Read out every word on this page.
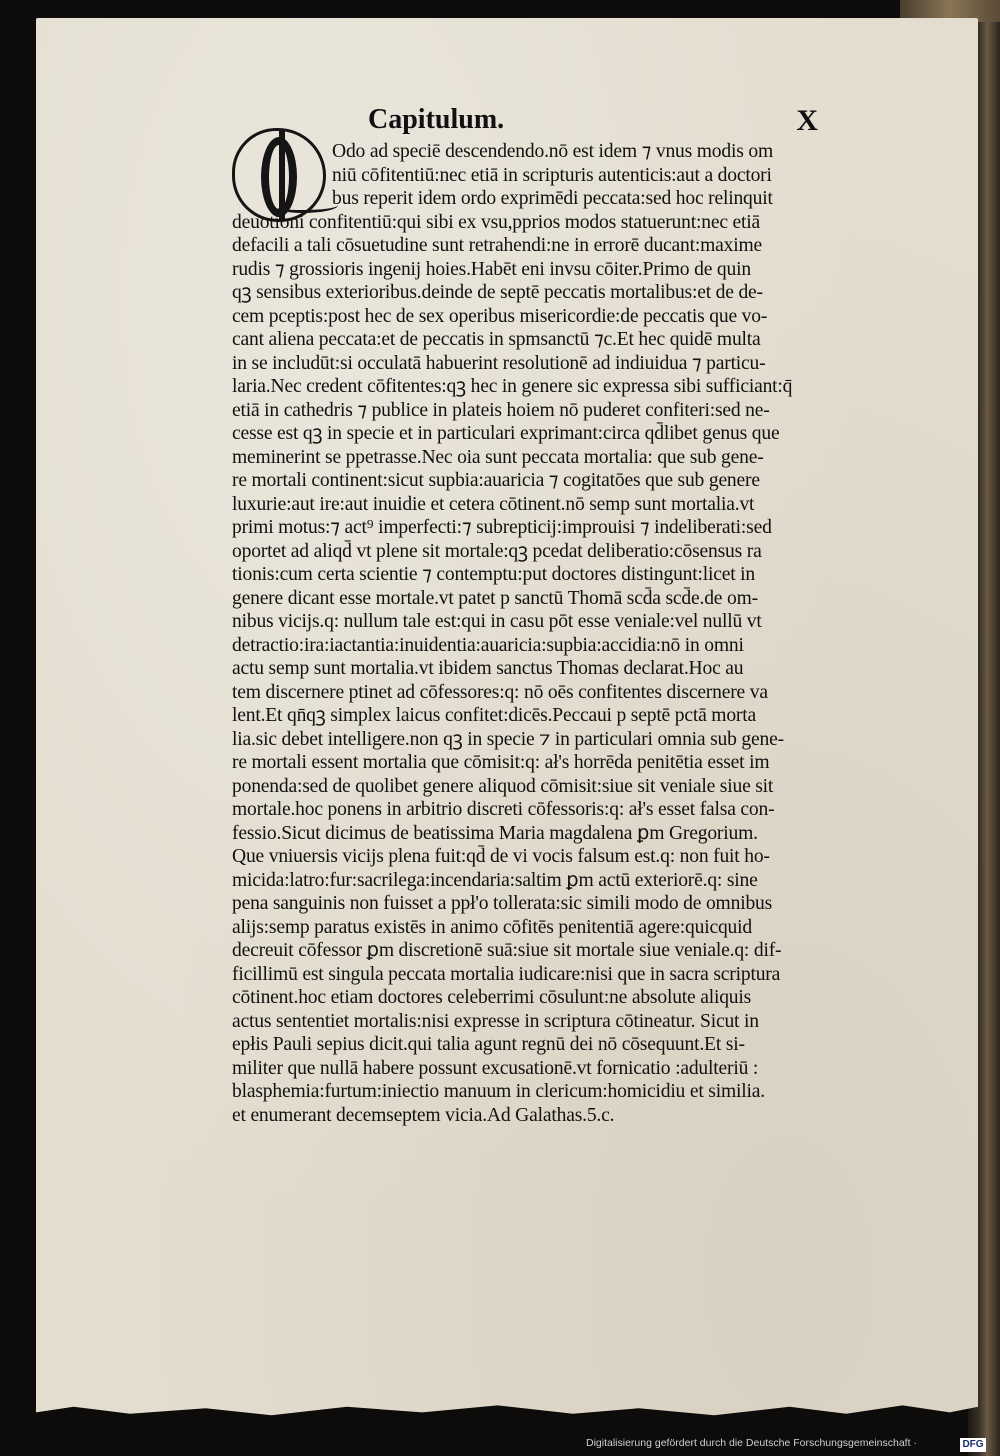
Capitulum.	X
Odo ad speciē descendendo.nō est idem ⁊ vnus modis om
niū cōfitentiū:nec etiā in scripturis autenticis:aut a doctori
bus reperit idem ordo exprimēdi peccata:sed hoc relinquit
deuotioni confitentiū:qui sibi ex vsu,pprios modos statuerunt:nec etiā
defacili a tali cōsuetudine sunt retrahendi:ne in errorē ducant:maxime
rudis ⁊ grossioris ingenij hoies.Habēt eni invsu cōiter.Primo de quin
qꝫ sensibus exterioribus.deinde de septē peccatis mortalibus:et de de-
cem pceptis:post hec de sex operibus misericordie:de peccatis que vo-
cant aliena peccata:et de peccatis in spmsanctū ⁊c.Et hec quidē multa
in se includūt:si occulatā habuerint resolutionē ad indiuidua ⁊ particu-
laria.Nec credent cōfitentes:qꝫ hec in genere sic expressa sibi sufficiant:q̄
etiā in cathedris ⁊ publice in plateis hoiem nō puderet confiteri:sed ne-
cesse est qꝫ in specie et in particulari exprimant:circa qd̄libet genus que
meminerint se ppetrasse.Nec oia sunt peccata mortalia: que sub gene-
re mortali continent:sicut supbia:auaricia ⁊ cogitatōes que sub genere
luxurie:aut ire:aut inuidie et cetera cōtinent.nō semp sunt mortalia.vt
primi motus:⁊ act⁹ imperfecti:⁊ subrepticij:improuisi ⁊ indeliberati:sed
oportet ad aliqd̄ vt plene sit mortale:qꝫ pcedat deliberatio:cōsensus ra
tionis:cum certa scientie ⁊ contemptu:put doctores distingunt:licet in
genere dicant esse mortale.vt patet p sanctū Thomā scd̄a scd̄e.de om-
nibus vicijs.q: nullum tale est:qui in casu pōt esse veniale:vel nullū vt
detractio:ira:iactantia:inuidentia:auaricia:supbia:accidia:nō in omni
actu semp sunt mortalia.vt ibidem sanctus Thomas declarat.Hoc au
tem discernere ptinet ad cōfessores:q: nō oēs confitentes discernere va
lent.Et qn̄qꝫ simplex laicus confitet:dicēs.Peccaui p septē pctā morta
lia.sic debet intelligere.non qꝫ in specie ⁊ in particulari omnia sub gene-
re mortali essent mortalia que cōmisit:q: ał's horrēda penitētia esset im
ponenda:sed de quolibet genere aliquod cōmisit:siue sit veniale siue sit
mortale.hoc ponens in arbitrio discreti cōfessoris:q: ał's esset falsa con-
fessio.Sicut dicimus de beatissima Maria magdalena ꝑm Gregorium.
Que vniuersis vicijs plena fuit:qd̄ de vi vocis falsum est.q: non fuit ho-
micida:latro:fur:sacrilega:incendaria:saltim ꝑm actū exteriorē.q: sine
pena sanguinis non fuisset a ppł'o tollerata:sic simili modo de omnibus
alijs:semp paratus existēs in animo cōfitēs penitentiā agere:quicquid
decreuit cōfessor ꝑm discretionē suā:siue sit mortale siue veniale.q: dif-
ficillimū est singula peccata mortalia iudicare:nisi que in sacra scriptura
cōtinent.hoc etiam doctores celeberrimi cōsulunt:ne absolute aliquis
actus sententiet mortalis:nisi expresse in scriptura cōtineatur. Sicut in
epłis Pauli sepius dicit.qui talia agunt regnū dei nō cōsequunt.Et si-
militer que nullā habere possunt excusationē.vt fornicatio :adulteriū :
blasphemia:furtum:iniectio manuum in clericum:homicidiu et similia.
et enumerant decemseptem vicia.Ad Galathas.5.c.
Digitalisierung gefördert durch die Deutsche Forschungsgemeinschaft ·	DFG
